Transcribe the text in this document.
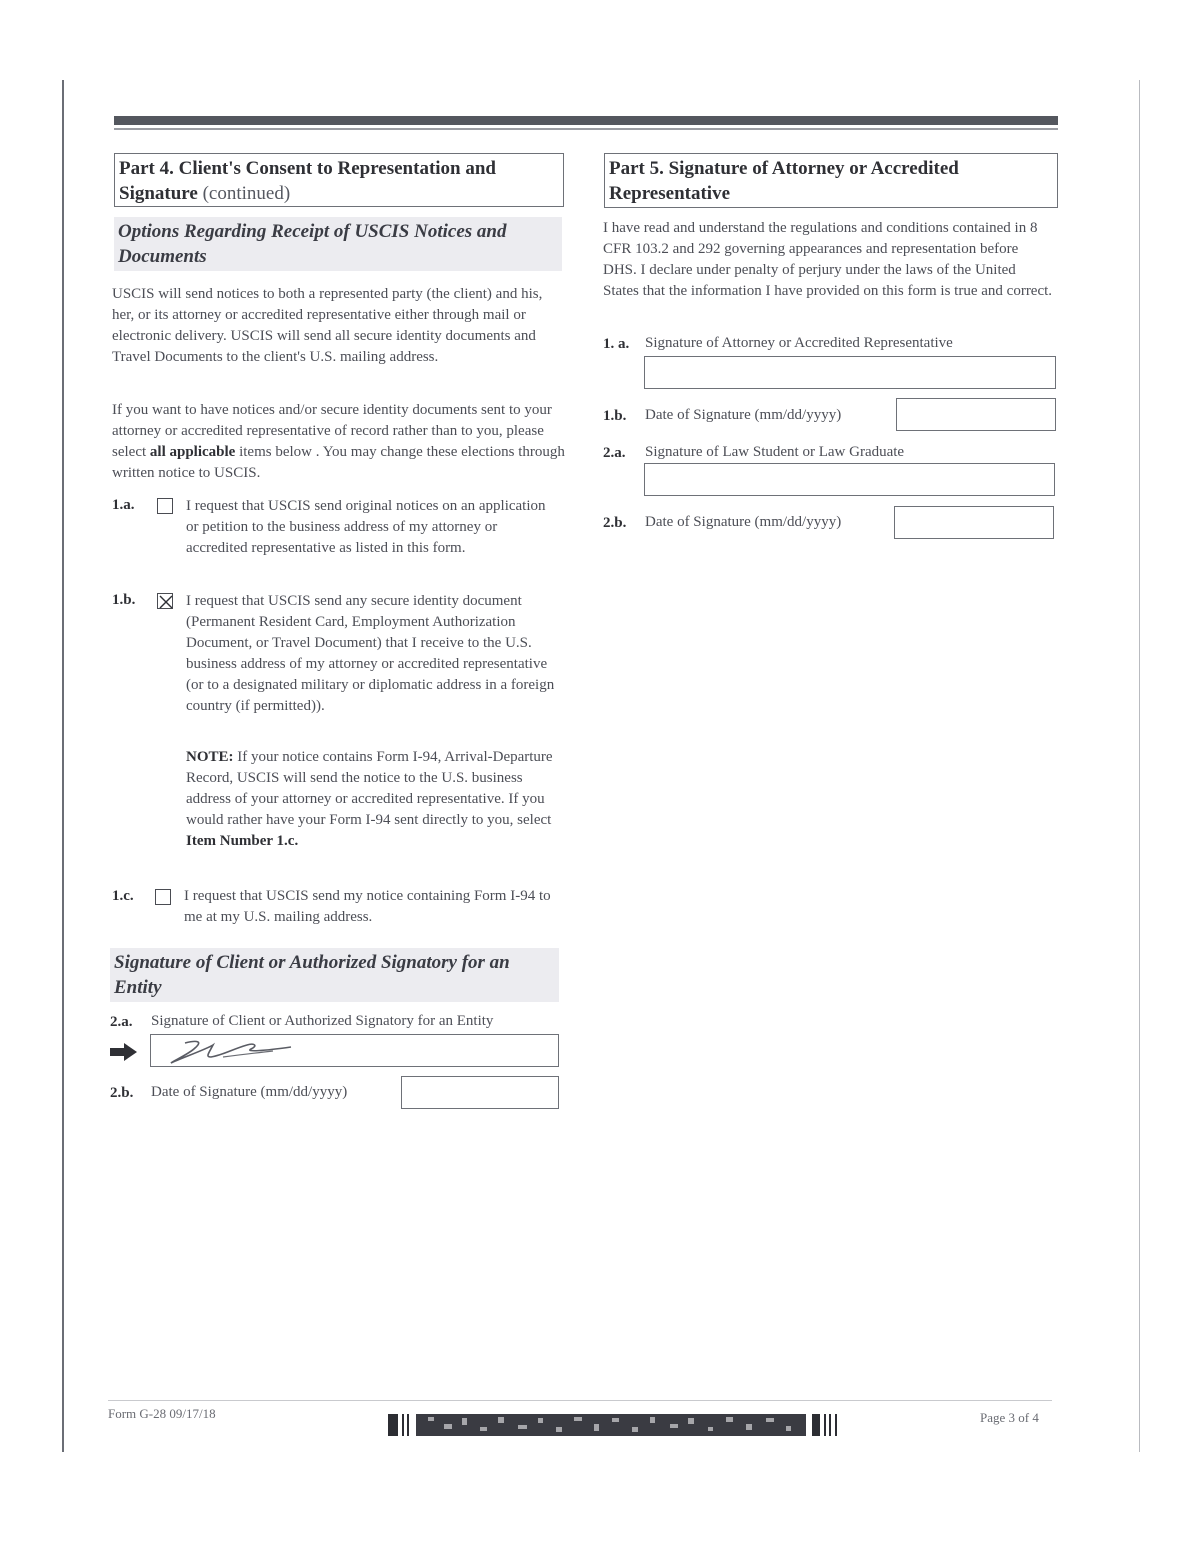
Part 4. Client's Consent to Representation and Signature (continued)
Options Regarding Receipt of USCIS Notices and Documents

USCIS will send notices to both a represented party (the client) and his, her, or its attorney or accredited representative either through mail or electronic delivery. USCIS will send all secure identity documents and Travel Documents to the client's U.S. mailing address.

If you want to have notices and/or secure identity documents sent to your attorney or accredited representative of record rather than to you, please select all applicable items below . You may change these elections through written notice to USCIS.

1.a.	I request that USCIS send original notices on an application or petition to the business address of my attorney or accredited representative as listed in this form.
1.b.	I request that USCIS send any secure identity document (Permanent Resident Card, Employment Authorization Document, or Travel Document) that I receive to the U.S. business address of my attorney or accredited representative (or to a designated military or diplomatic address in a foreign country (if permitted)).
NOTE: If your notice contains Form I-94, Arrival-Departure Record, USCIS will send the notice to the U.S. business address of your attorney or accredited representative. If you would rather have your Form I-94 sent directly to you, select Item Number 1.c.
1.c.	I request that USCIS send my notice containing Form I-94 to me at my U.S. mailing address.
Signature of Client or Authorized Signatory for an Entity
2.a. Signature of Client or Authorized Signatory for an Entity
2.b. Date of Signature (mm/dd/yyyy)
Part 5. Signature of Attorney or Accredited Representative

I have read and understand the regulations and conditions contained in 8 CFR 103.2 and 292 governing appearances and representation before DHS. I declare under penalty of perjury under the laws of the United States that the information I have provided on this form is true and correct.

1. a. Signature of Attorney or Accredited Representative
1.b. Date of Signature (mm/dd/yyyy)
2.a. Signature of Law Student or Law Graduate
2.b. Date of Signature (mm/dd/yyyy)
Form G-28 09/17/18	Page 3 of 4
